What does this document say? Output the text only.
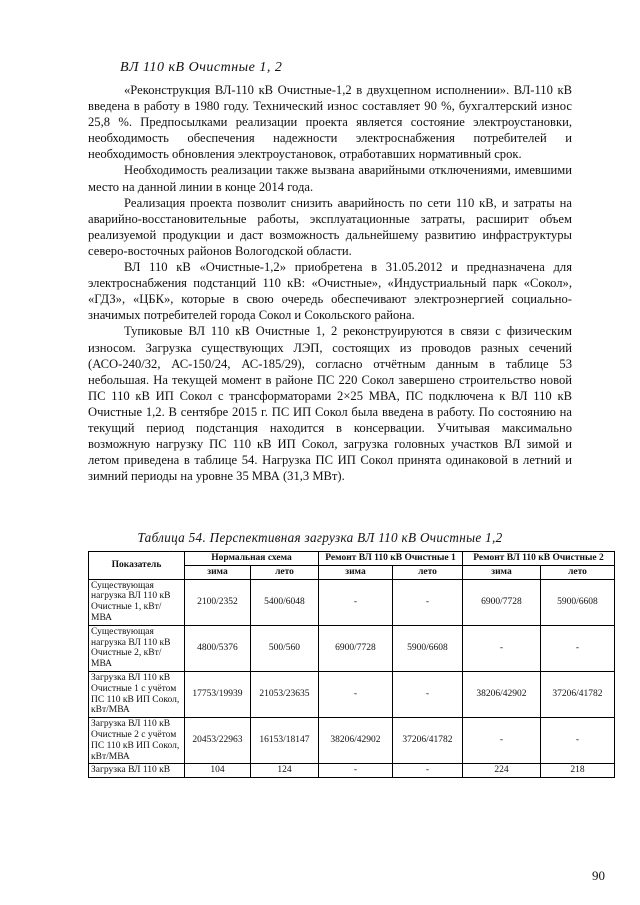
ВЛ 110 кВ Очистные 1, 2

«Реконструкция ВЛ-110 кВ Очистные-1,2 в двухцепном исполнении». ВЛ-110 кВ введена в работу в 1980 году. Технический износ составляет 90 %, бухгалтерский износ 25,8 %. Предпосылками реализации проекта является состояние электроустановки, необходимость обеспечения надежности электроснабжения потребителей и необходимость обновления электроустановок, отработавших нормативный срок.

Необходимость реализации также вызвана аварийными отключениями, имевшими место на данной линии в конце 2014 года.

Реализация проекта позволит снизить аварийность по сети 110 кВ, и затраты на аварийно-восстановительные работы, эксплуатационные затраты, расширит объем реализуемой продукции и даст возможность дальнейшему развитию инфраструктуры северо-восточных районов Вологодской области.

ВЛ 110 кВ «Очистные-1,2» приобретена в 31.05.2012 и предназначена для электроснабжения подстанций 110 кВ: «Очистные», «Индустриальный парк «Сокол», «ГДЗ», «ЦБК», которые в свою очередь обеспечивают электроэнергией социально-значимых потребителей города Сокол и Сокольского района.

Тупиковые ВЛ 110 кВ Очистные 1, 2 реконструируются в связи с физическим износом. Загрузка существующих ЛЭП, состоящих из проводов разных сечений (АСО-240/32, АС-150/24, АС-185/29), согласно отчётным данным в таблице 53 небольшая. На текущей момент в районе ПС 220 Сокол завершено строительство новой ПС 110 кВ ИП Сокол с трансформаторами 2×25 МВА, ПС подключена к ВЛ 110 кВ Очистные 1,2. В сентябре 2015 г. ПС ИП Сокол была введена в работу. По состоянию на текущий период подстанция находится в консервации. Учитывая максимально возможную нагрузку ПС 110 кВ ИП Сокол, загрузка головных участков ВЛ зимой и летом приведена в таблице 54. Нагрузка ПС ИП Сокол принята одинаковой в летний и зимний периоды на уровне 35 МВА (31,3 МВт).

Таблица 54. Перспективная загрузка ВЛ 110 кВ Очистные 1,2
Показатель	Нормальная схема		Ремонт ВЛ 110 кВ Очистные 1		Ремонт ВЛ 110 кВ Очистные 2	
	зима	лето	зима	лето	зима	лето
Существующая нагрузка ВЛ 110 кВ Очистные 1, кВт/МВА	2100/2352	5400/6048	-	-	6900/7728	5900/6608
Существующая нагрузка ВЛ 110 кВ Очистные 2, кВт/МВА	4800/5376	500/560	6900/7728	5900/6608	-	-
Загрузка ВЛ 110 кВ Очистные 1 с учётом ПС 110 кВ ИП Сокол, кВт/МВА	17753/19939	21053/23635	-	-	38206/42902	37206/41782
Загрузка ВЛ 110 кВ Очистные 2 с учётом ПС 110 кВ ИП Сокол, кВт/МВА	20453/22963	16153/18147	38206/42902	37206/41782	-	-
Загрузка ВЛ 110 кВ	104	124	-	-	224	218
90
